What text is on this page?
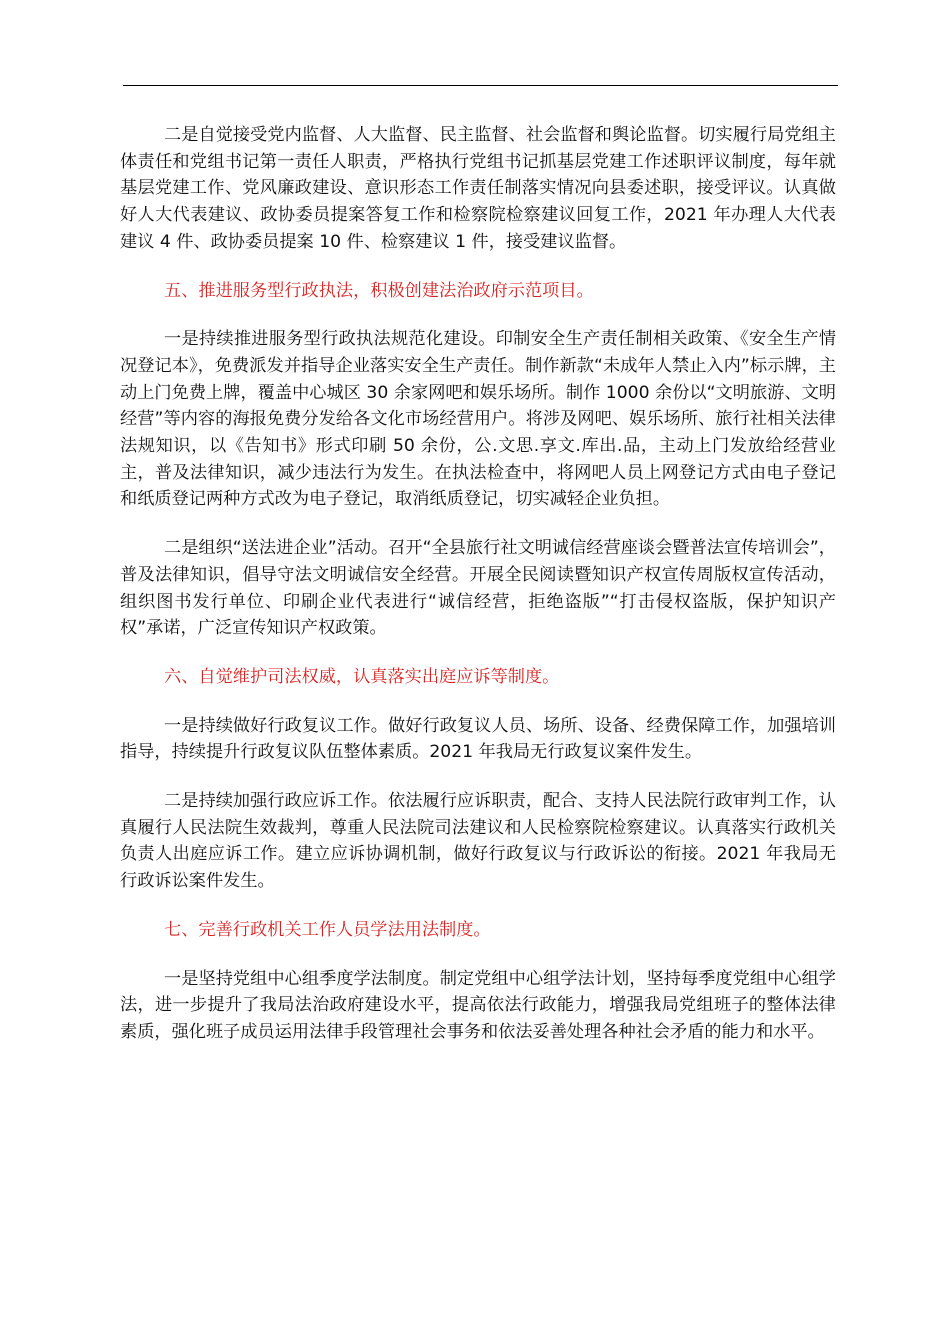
二是自觉接受党内监督、人大监督、民主监督、社会监督和舆论监督。切实履行局党组主体责任和党组书记第一责任人职责，严格执行党组书记抓基层党建工作述职评议制度，每年就基层党建工作、党风廉政建设、意识形态工作责任制落实情况向县委述职，接受评议。认真做好人大代表建议、政协委员提案答复工作和检察院检察建议回复工作，2021 年办理人大代表建议 4 件、政协委员提案 10 件、检察建议 1 件，接受建议监督。

五、推进服务型行政执法，积极创建法治政府示范项目。

一是持续推进服务型行政执法规范化建设。印制安全生产责任制相关政策、《安全生产情况登记本》，免费派发并指导企业落实安全生产责任。制作新款“未成年人禁止入内”标示牌，主动上门免费上牌，覆盖中心城区 30 余家网吧和娱乐场所。制作 1000 余份以“文明旅游、文明经营”等内容的海报免费分发给各文化市场经营用户。将涉及网吧、娱乐场所、旅行社相关法律法规知识，以《告知书》形式印刷 50 余份，公.文思.享文.库出.品，主动上门发放给经营业主，普及法律知识，减少违法行为发生。在执法检查中，将网吧人员上网登记方式由电子登记和纸质登记两种方式改为电子登记，取消纸质登记，切实减轻企业负担。

二是组织“送法进企业”活动。召开“全县旅行社文明诚信经营座谈会暨普法宣传培训会”，普及法律知识，倡导守法文明诚信安全经营。开展全民阅读暨知识产权宣传周版权宣传活动，组织图书发行单位、印刷企业代表进行“诚信经营，拒绝盗版”“打击侵权盗版，保护知识产权”承诺，广泛宣传知识产权政策。

六、自觉维护司法权威，认真落实出庭应诉等制度。

一是持续做好行政复议工作。做好行政复议人员、场所、设备、经费保障工作，加强培训指导，持续提升行政复议队伍整体素质。2021 年我局无行政复议案件发生。

二是持续加强行政应诉工作。依法履行应诉职责，配合、支持人民法院行政审判工作，认真履行人民法院生效裁判，尊重人民法院司法建议和人民检察院检察建议。认真落实行政机关负责人出庭应诉工作。建立应诉协调机制，做好行政复议与行政诉讼的衔接。2021 年我局无行政诉讼案件发生。

七、完善行政机关工作人员学法用法制度。

一是坚持党组中心组季度学法制度。制定党组中心组学法计划，坚持每季度党组中心组学法，进一步提升了我局法治政府建设水平，提高依法行政能力，增强我局党组班子的整体法律素质，强化班子成员运用法律手段管理社会事务和依法妥善处理各种社会矛盾的能力和水平。
